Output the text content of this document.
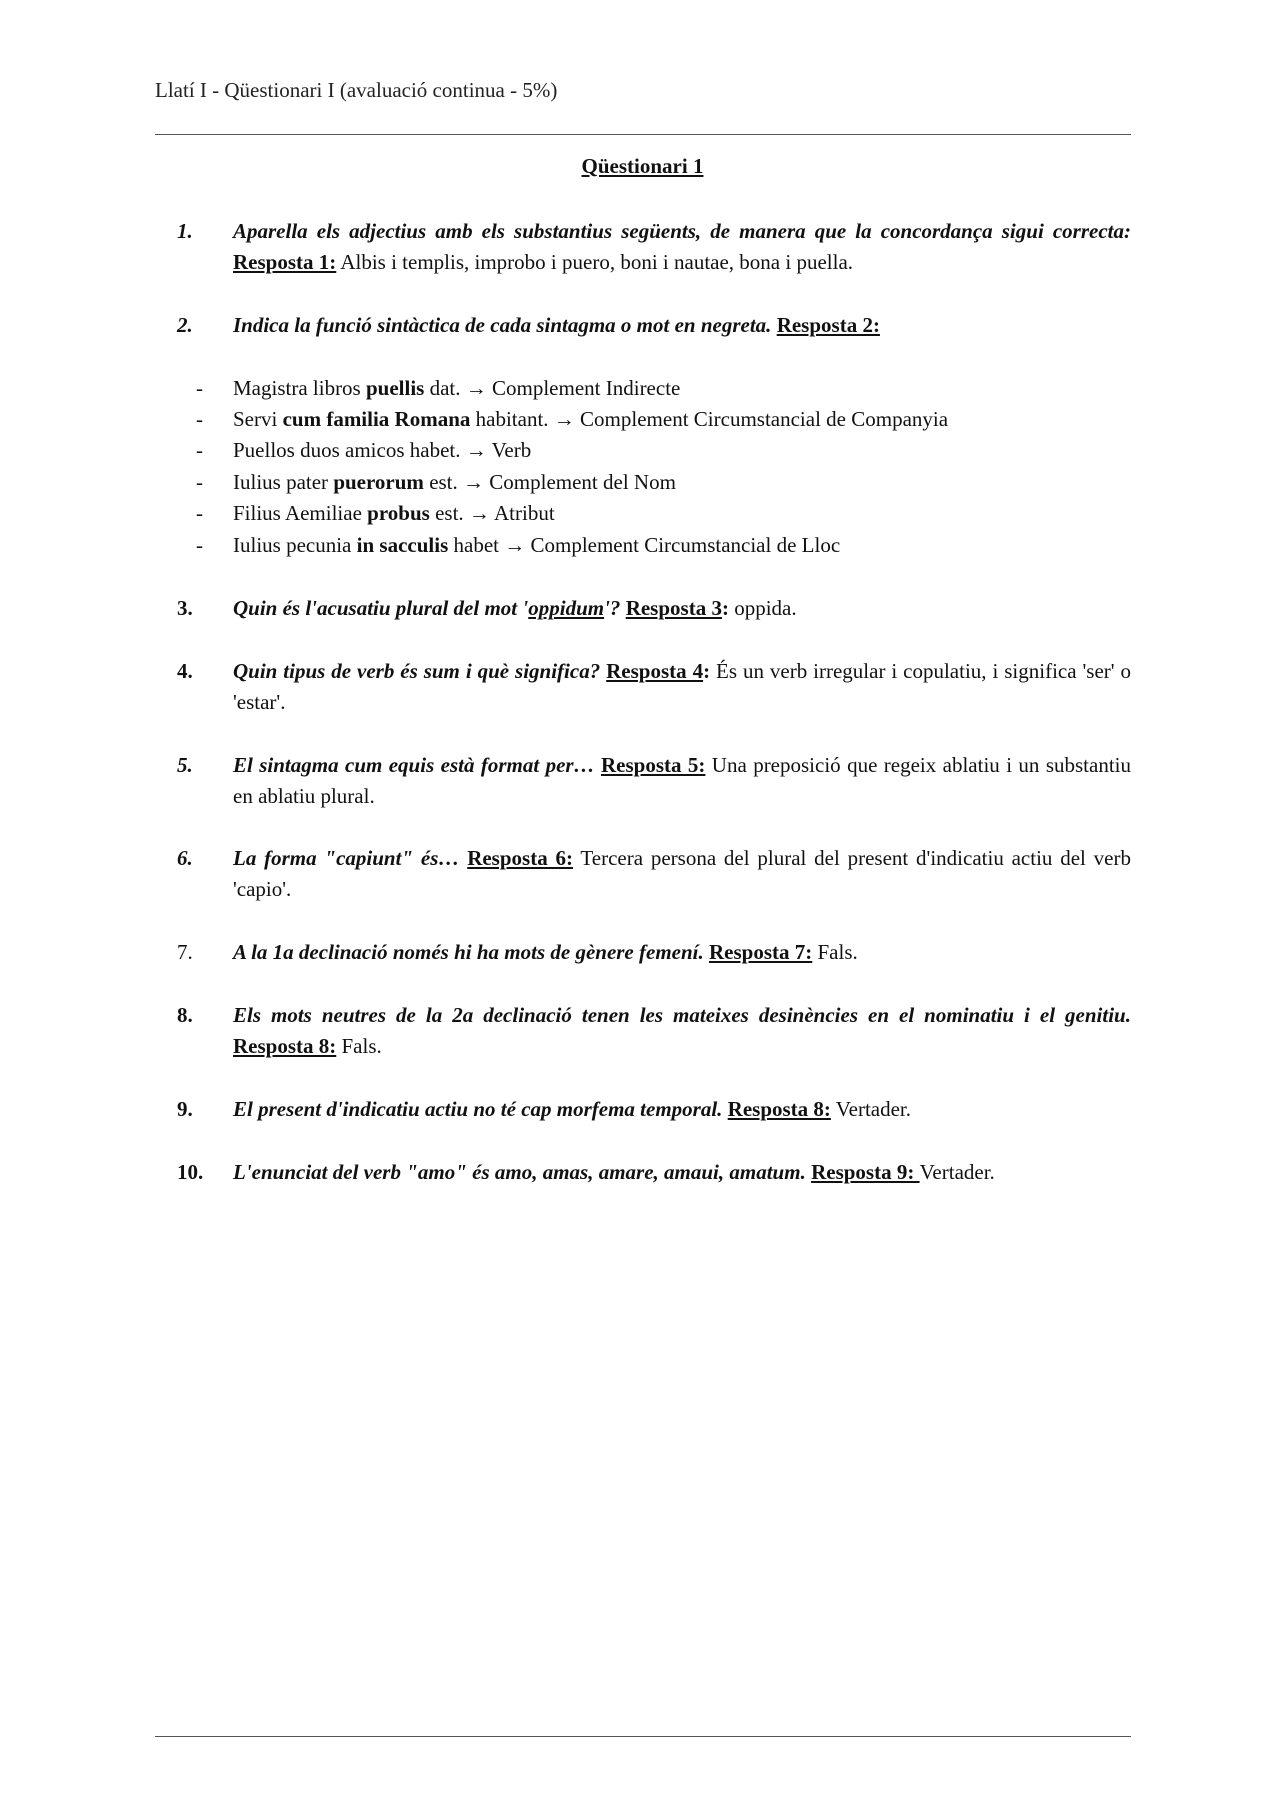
Llatí I - Qüestionari I (avaluació continua - 5%)
Qüestionari 1
1.	Aparella els adjectius amb els substantius següents, de manera que la concordança sigui correcta: Resposta 1: Albis i templis, improbo i puero, boni i nautae, bona i puella.
2.	Indica la funció sintàctica de cada sintagma o mot en negreta. Resposta 2:
-	Magistra libros puellis dat. → Complement Indirecte
-	Servi cum familia Romana habitant. → Complement Circumstancial de Companyia
-	Puellos duos amicos habet. → Verb
-	Iulius pater puerorum est. → Complement del Nom
-	Filius Aemiliae probus est. → Atribut
-	Iulius pecunia in sacculis habet → Complement Circumstancial de Lloc
3.	Quin és l'acusatiu plural del mot 'oppidum'? Resposta 3: oppida.
4.	Quin tipus de verb és sum i què significa? Resposta 4: És un verb irregular i copulatiu, i significa 'ser' o 'estar'.
5.	El sintagma cum equis està format per… Resposta 5: Una preposició que regeix ablatiu i un substantiu en ablatiu plural.
6.	La forma "capiunt" és… Resposta 6: Tercera persona del plural del present d'indicatiu actiu del verb 'capio'.
7.	A la 1a declinació només hi ha mots de gènere femení. Resposta 7: Fals.
8.	Els mots neutres de la 2a declinació tenen les mateixes desinències en el nominatiu i el genitiu. Resposta 8: Fals.
9.	El present d'indicatiu actiu no té cap morfema temporal. Resposta 8: Vertader.
10.	L'enunciat del verb "amo" és amo, amas, amare, amaui, amatum. Resposta 9: Vertader.
